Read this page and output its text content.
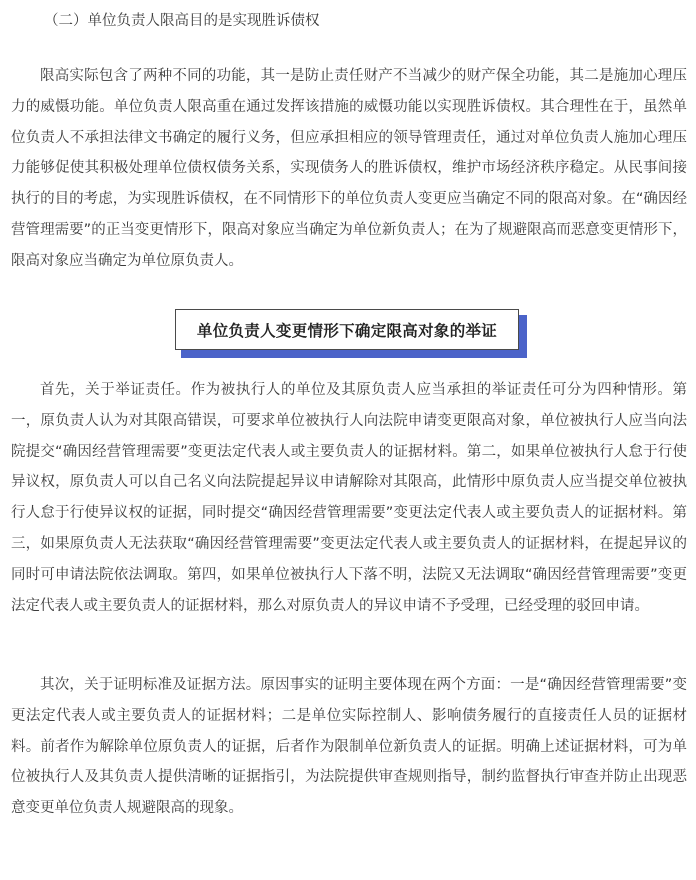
（二）单位负责人限高目的是实现胜诉债权

限高实际包含了两种不同的功能，其一是防止责任财产不当减少的财产保全功能，其二是施加心理压力的威慑功能。单位负责人限高重在通过发挥该措施的威慑功能以实现胜诉债权。其合理性在于，虽然单位负责人不承担法律文书确定的履行义务，但应承担相应的领导管理责任，通过对单位负责人施加心理压力能够促使其积极处理单位债权债务关系，实现债务人的胜诉债权，维护市场经济秩序稳定。从民事间接执行的目的考虑，为实现胜诉债权，在不同情形下的单位负责人变更应当确定不同的限高对象。在“确因经营管理需要”的正当变更情形下，限高对象应当确定为单位新负责人；在为了规避限高而恶意变更情形下，限高对象应当确定为单位原负责人。

单位负责人变更情形下确定限高对象的举证

首先，关于举证责任。作为被执行人的单位及其原负责人应当承担的举证责任可分为四种情形。第一，原负责人认为对其限高错误，可要求单位被执行人向法院申请变更限高对象，单位被执行人应当向法院提交“确因经营管理需要”变更法定代表人或主要负责人的证据材料。第二，如果单位被执行人怠于行使异议权，原负责人可以自己名义向法院提起异议申请解除对其限高，此情形中原负责人应当提交单位被执行人怠于行使异议权的证据，同时提交“确因经营管理需要”变更法定代表人或主要负责人的证据材料。第三，如果原负责人无法获取“确因经营管理需要”变更法定代表人或主要负责人的证据材料，在提起异议的同时可申请法院依法调取。第四，如果单位被执行人下落不明，法院又无法调取“确因经营管理需要”变更法定代表人或主要负责人的证据材料，那么对原负责人的异议申请不予受理，已经受理的驳回申请。

其次，关于证明标准及证据方法。原因事实的证明主要体现在两个方面：一是“确因经营管理需要”变更法定代表人或主要负责人的证据材料；二是单位实际控制人、影响债务履行的直接责任人员的证据材料。前者作为解除单位原负责人的证据，后者作为限制单位新负责人的证据。明确上述证据材料，可为单位被执行人及其负责人提供清晰的证据指引，为法院提供审查规则指导，制约监督执行审查并防止出现恶意变更单位负责人规避限高的现象。
